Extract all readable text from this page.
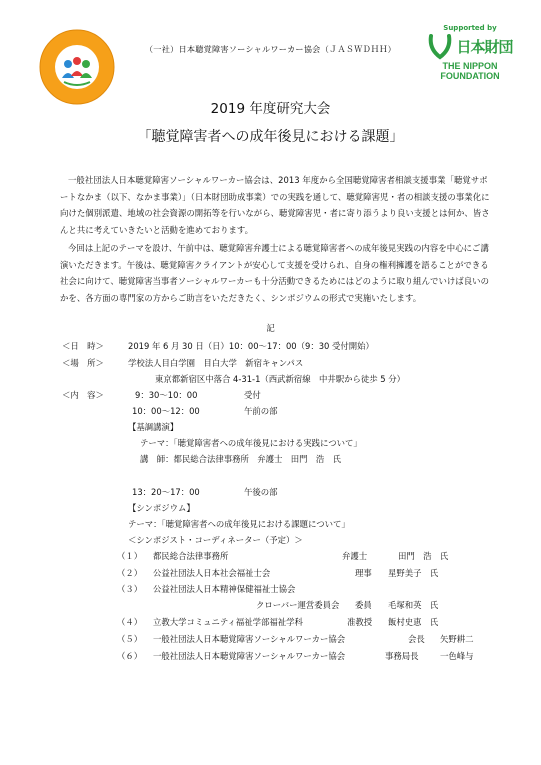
（一社）日本聴覚障害ソーシャルワーカー協会（ＪＡＳＷＤＨＨ）
Supported by
日本財団
THE NIPPON
FOUNDATION
2019 年度研究大会
「聴覚障害者への成年後見における課題」
一般社団法人日本聴覚障害ソーシャルワーカー協会は、2013 年度から全国聴覚障害者相談支援事業「聴覚サポートなかま（以下、なかま事業）」（日本財団助成事業）での実践を通して、聴覚障害児・者の相談支援の事業化に向けた個別派遣、地域の社会資源の開拓等を行いながら、聴覚障害児・者に寄り添うより良い支援とは何か、皆さんと共に考えていきたいと活動を進めております。
今回は上記のテーマを設け、午前中は、聴覚障害弁護士による聴覚障害者への成年後見実践の内容を中心にご講演いただきます。午後は、聴覚障害クライアントが安心して支援を受けられ、自身の権利擁護を語ることができる社会に向けて、聴覚障害当事者ソーシャルワーカーも十分活動できるためにはどのように取り組んでいけば良いのかを、各方面の専門家の方からご助言をいただきたく、シンポジウムの形式で実施いたします。
記
＜日　時＞	2019 年 6 月 30 日（日）10：00～17：00（9：30 受付開始）
＜場　所＞	学校法人目白学園　目白大学　新宿キャンパス
東京都新宿区中落合 4-31-1（西武新宿線　中井駅から徒歩 5 分）
＜内　容＞	9：30～10：00	受付
10：00～12：00	午前の部
【基調講演】
テーマ：「聴覚障害者への成年後見における実践について」
講　師：都民総合法律事務所　弁護士　田門　浩　氏
13：20～17：00	午後の部
【シンポジウム】
テーマ：「聴覚障害者への成年後見における課題について」
＜シンポジスト・コーディネーター（予定）＞
（１） 都民総合法律事務所	弁護士	田門　浩　氏
（２） 公益社団法人日本社会福祉士会	理事 星野美子　氏
（３） 公益社団法人日本精神保健福祉士協会
クローバー運営委員会 委員 毛塚和英　氏
（４） 立教大学コミュニティ福祉学部福祉学科	准教授 飯村史恵　氏
（５） 一般社団法人日本聴覚障害ソーシャルワーカー協会	会長 矢野耕二
（６） 一般社団法人日本聴覚障害ソーシャルワーカー協会	事務局長	一色峰与
